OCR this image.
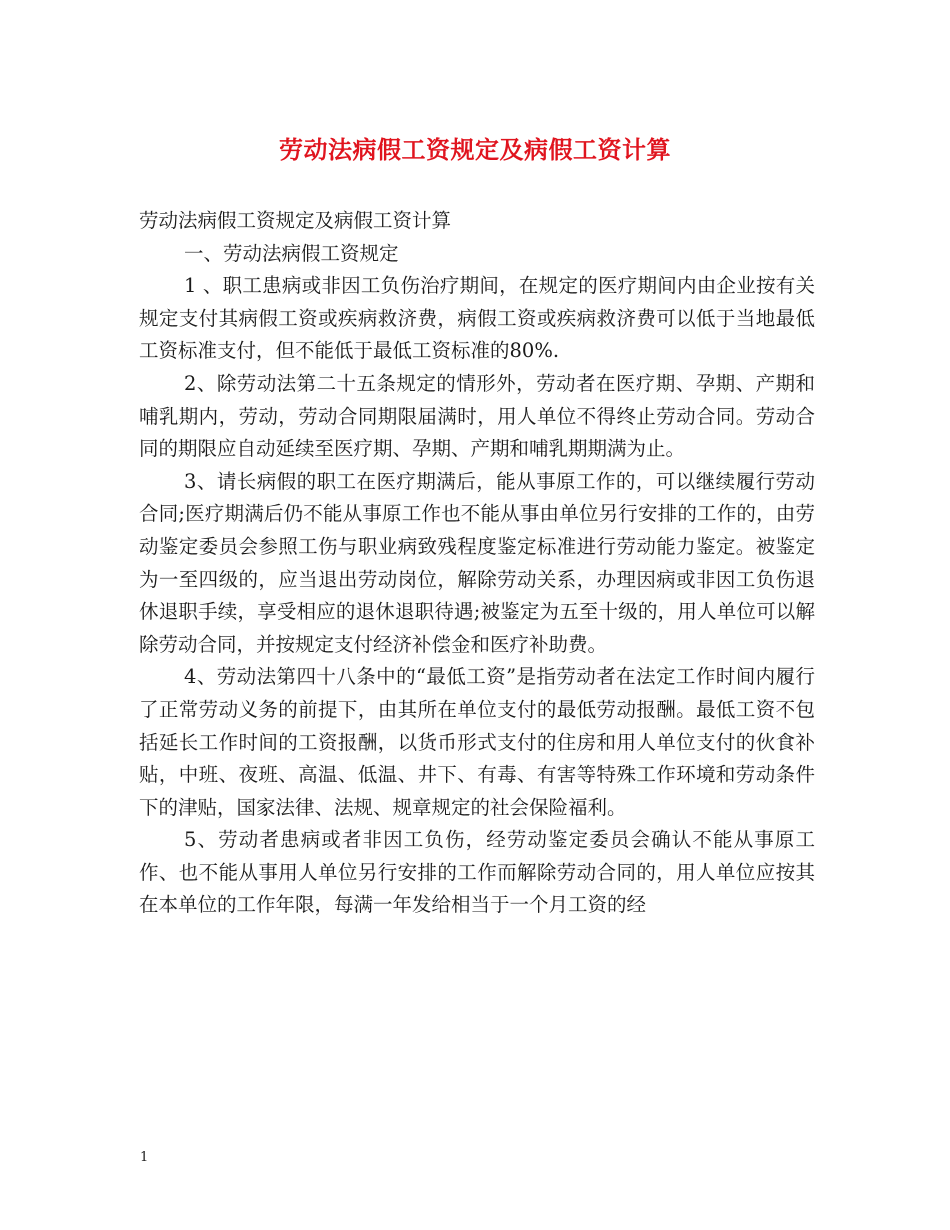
劳动法病假工资规定及病假工资计算

劳动法病假工资规定及病假工资计算

一、劳动法病假工资规定

1 、职工患病或非因工负伤治疗期间，在规定的医疗期间内由企业按有关规定支付其病假工资或疾病救济费，病假工资或疾病救济费可以低于当地最低工资标准支付，但不能低于最低工资标准的80%.

2、除劳动法第二十五条规定的情形外，劳动者在医疗期、孕期、产期和哺乳期内，劳动，劳动合同期限届满时，用人单位不得终止劳动合同。劳动合同的期限应自动延续至医疗期、孕期、产期和哺乳期期满为止。

3、请长病假的职工在医疗期满后，能从事原工作的，可以继续履行劳动合同;医疗期满后仍不能从事原工作也不能从事由单位另行安排的工作的，由劳动鉴定委员会参照工伤与职业病致残程度鉴定标准进行劳动能力鉴定。被鉴定为一至四级的，应当退出劳动岗位，解除劳动关系，办理因病或非因工负伤退休退职手续，享受相应的退休退职待遇;被鉴定为五至十级的，用人单位可以解除劳动合同，并按规定支付经济补偿金和医疗补助费。

4、劳动法第四十八条中的“最低工资”是指劳动者在法定工作时间内履行了正常劳动义务的前提下，由其所在单位支付的最低劳动报酬。最低工资不包括延长工作时间的工资报酬，以货币形式支付的住房和用人单位支付的伙食补贴，中班、夜班、高温、低温、井下、有毒、有害等特殊工作环境和劳动条件下的津贴，国家法律、法规、规章规定的社会保险福利。

5、劳动者患病或者非因工负伤，经劳动鉴定委员会确认不能从事原工作、也不能从事用人单位另行安排的工作而解除劳动合同的，用人单位应按其在本单位的工作年限，每满一年发给相当于一个月工资的经

1
